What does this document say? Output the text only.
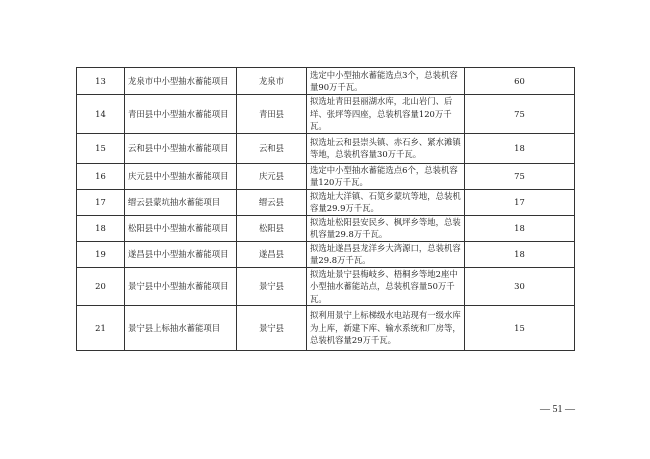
13	龙泉市中小型抽水蓄能项目	龙泉市	选定中小型抽水蓄能选点3个，总装机容量90万千瓦。	60
14	青田县中小型抽水蓄能项目	青田县	拟选址青田县丽湖水库，北山岩门、后垟、张坪等四座，总装机容量120万千瓦。	75
15	云和县中小型抽水蓄能项目	云和县	拟选址云和县崇头镇、赤石乡、紧水滩镇等地，总装机容量30万千瓦。	18
16	庆元县中小型抽水蓄能项目	庆元县	选定中小型抽水蓄能选点6个，总装机容量120万千瓦。	75
17	缙云县蒙坑抽水蓄能项目	缙云县	拟选址大洋镇、石笕乡蒙坑等地，总装机容量29.9万千瓦。	17
18	松阳县中小型抽水蓄能项目	松阳县	拟选址松阳县安民乡、枫坪乡等地，总装机容量29.8万千瓦。	18
19	遂昌县中小型抽水蓄能项目	遂昌县	拟选址遂昌县龙洋乡大湾源口，总装机容量29.8万千瓦。	18
20	景宁县中小型抽水蓄能项目	景宁县	拟选址景宁县梅岐乡、梧桐乡等地2座中小型抽水蓄能站点，总装机容量50万千瓦。	30
21	景宁县上标抽水蓄能项目	景宁县	拟利用景宁上标梯级水电站现有一级水库为上库，新建下库、输水系统和厂房等，总装机容量29万千瓦。	15
— 51 —
